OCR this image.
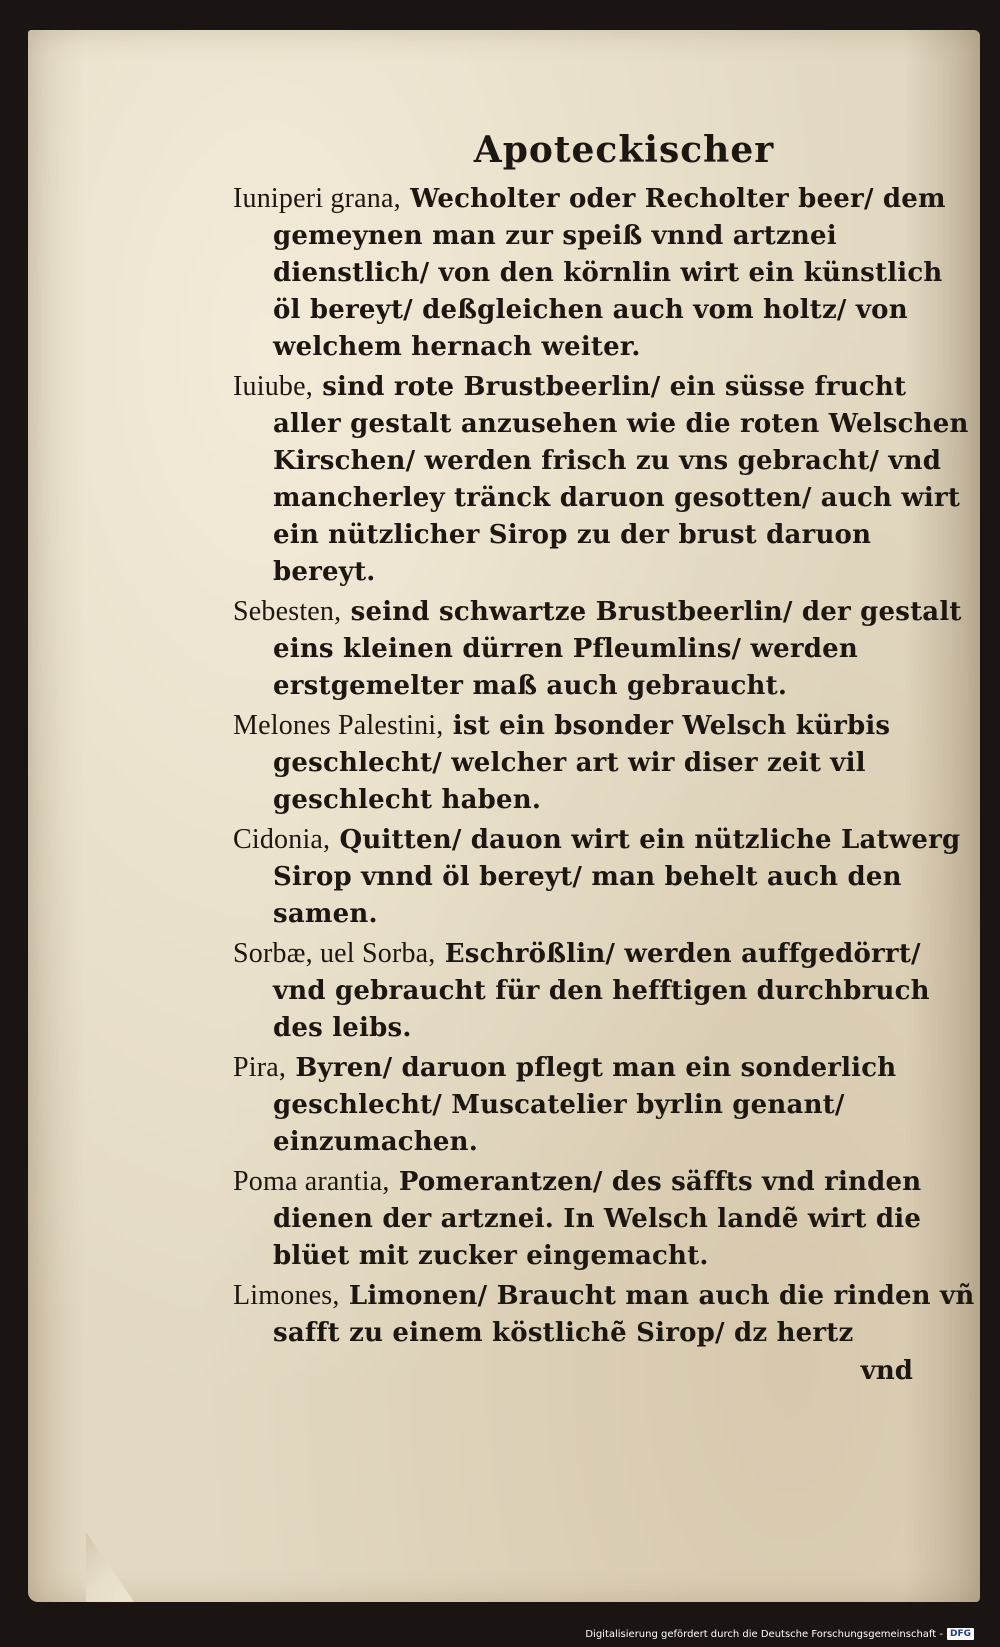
Apoteckischer

Iuniperi grana, Wecholter oder Recholter beer/ dem gemeynen man zur speiß vnnd artznei dienstlich/ von den körnlin wirt ein künstlich öl bereyt/ deßgleichen auch vom holtz/ von welchem hernach weiter.

Iuiube, sind rote Brustbeerlin/ ein süsse frucht aller gestalt anzusehen wie die roten Welschen Kirschen/ werden frisch zu vns gebracht/ vnd mancherley tränck daruon gesotten/ auch wirt ein nützlicher Sirop zu der brust daruon bereyt.

Sebesten, seind schwartze Brustbeerlin/ der gestalt eins kleinen dürren Pfleumlins/ werden erstgemelter maß auch gebraucht.

Melones Palestini, ist ein bsonder Welsch kürbis geschlecht/ welcher art wir diser zeit vil geschlecht haben.

Cidonia, Quitten/ dauon wirt ein nützliche Latwerg Sirop vnnd öl bereyt/ man behelt auch den samen.

Sorbæ, uel Sorba, Eschrößlin/ werden auffgedörrt/ vnd gebraucht für den hefftigen durchbruch des leibs.

Pira, Byren/ daruon pflegt man ein sonderlich geschlecht/ Muscatelier byrlin genant/ einzumachen.

Poma arantia, Pomerantzen/ des säffts vnd rinden dienen der artznei. In Welsch landẽ wirt die blüet mit zucker eingemacht.

Limones, Limonen/ Braucht man auch die rinden vñ safft zu einem köstlichẽ Sirop/ dz hertz

vnd
Digitalisierung gefördert durch die Deutsche Forschungsgemeinschaft - DFG
